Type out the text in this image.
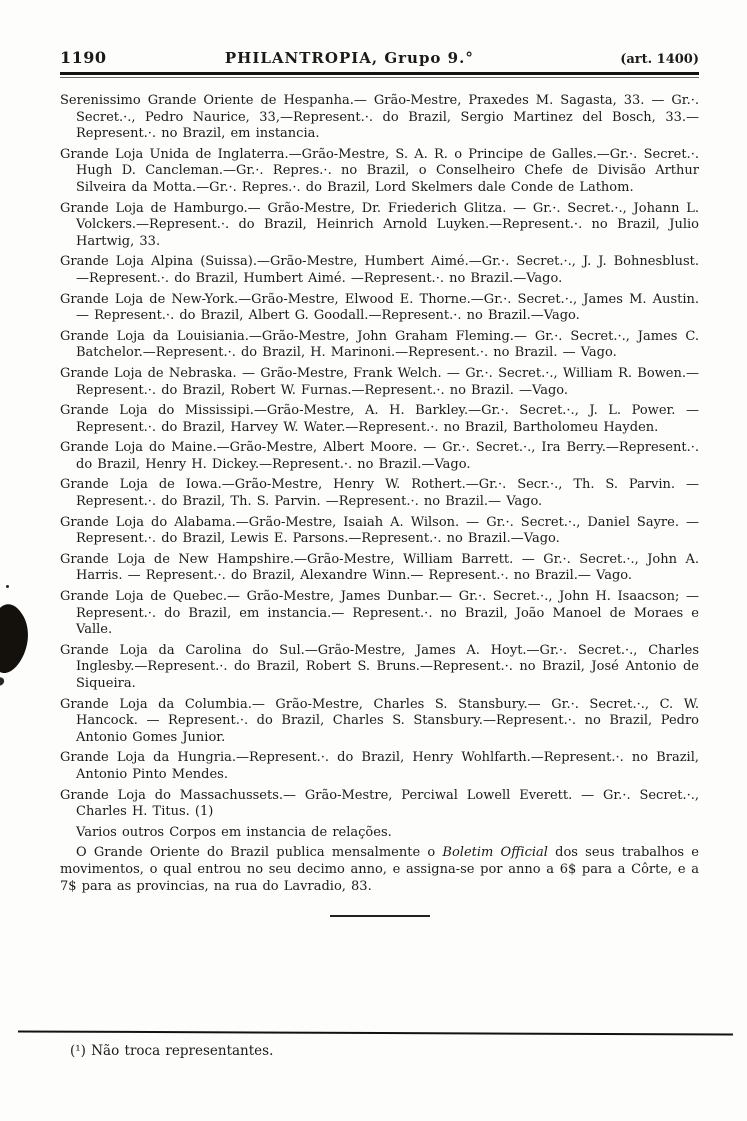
1190	PHILANTROPIA, Grupo 9.°	(art. 1400)

Serenissimo Grande Oriente de Hespanha.— Grão-Mestre, Praxedes M. Sagasta, 33. — Gr.·. Secret.·., Pedro Naurice, 33,—Represent.·. do Brazil, Sergio Martinez del Bosch, 33.— Represent.·. no Brazil, em instancia.

Grande Loja Unida de Inglaterra.—Grão-Mestre, S. A. R. o Principe de Galles.—Gr.·. Secret.·. Hugh D. Cancleman.—Gr.·. Repres.·. no Brazil, o Conselheiro Chefe de Divisão Arthur Silveira da Motta.—Gr.·. Repres.·. do Brazil, Lord Skelmers dale Conde de Lathom.

Grande Loja de Hamburgo.— Grão-Mestre, Dr. Friederich Glitza. — Gr.·. Secret.·., Johann L. Volckers.—Represent.·. do Brazil, Heinrich Arnold Luyken.—Represent.·. no Brazil, Julio Hartwig, 33.

Grande Loja Alpina (Suissa).—Grão-Mestre, Humbert Aimé.—Gr.·. Secret.·., J. J. Bohnesblust. —Represent.·. do Brazil, Humbert Aimé. —Represent.·. no Brazil.—Vago.

Grande Loja de New-York.—Grão-Mestre, Elwood E. Thorne.—Gr.·. Secret.·., James M. Austin.— Represent.·. do Brazil, Albert G. Goodall.—Represent.·. no Brazil.—Vago.

Grande Loja da Louisiania.—Grão-Mestre, John Graham Fleming.— Gr.·. Secret.·., James C. Batchelor.—Represent.·. do Brazil, H. Marinoni.—Represent.·. no Brazil. — Vago.

Grande Loja de Nebraska. — Grão-Mestre, Frank Welch. — Gr.·. Secret.·., William R. Bowen.—Represent.·. do Brazil, Robert W. Furnas.—Represent.·. no Brazil. —Vago.

Grande Loja do Mississipi.—Grão-Mestre, A. H. Barkley.—Gr.·. Secret.·., J. L. Power. —Represent.·. do Brazil, Harvey W. Water.—Represent.·. no Brazil, Bartholomeu Hayden.

Grande Loja do Maine.—Grão-Mestre, Albert Moore. — Gr.·. Secret.·., Ira Berry.—Represent.·. do Brazil, Henry H. Dickey.—Represent.·. no Brazil.—Vago.

Grande Loja de Iowa.—Grão-Mestre, Henry W. Rothert.—Gr.·. Secr.·., Th. S. Parvin. —Represent.·. do Brazil, Th. S. Parvin. —Represent.·. no Brazil.— Vago.

Grande Loja do Alabama.—Grão-Mestre, Isaiah A. Wilson. — Gr.·. Secret.·., Daniel Sayre. — Represent.·. do Brazil, Lewis E. Parsons.—Represent.·. no Brazil.—Vago.

Grande Loja de New Hampshire.—Grão-Mestre, William Barrett. — Gr.·. Secret.·., John A. Harris. — Represent.·. do Brazil, Alexandre Winn.— Represent.·. no Brazil.— Vago.

Grande Loja de Quebec.— Grão-Mestre, James Dunbar.— Gr.·. Secret.·., John H. Isaacson; — Represent.·. do Brazil, em instancia.— Represent.·. no Brazil, João Manoel de Moraes e Valle.

Grande Loja da Carolina do Sul.—Grão-Mestre, James A. Hoyt.—Gr.·. Secret.·., Charles Inglesby.—Represent.·. do Brazil, Robert S. Bruns.—Represent.·. no Brazil, José Antonio de Siqueira.

Grande Loja da Columbia.— Grão-Mestre, Charles S. Stansbury.— Gr.·. Secret.·., C. W. Hancock. — Represent.·. do Brazil, Charles S. Stansbury.—Represent.·. no Brazil, Pedro Antonio Gomes Junior.

Grande Loja da Hungria.—Represent.·. do Brazil, Henry Wohlfarth.—Represent.·. no Brazil, Antonio Pinto Mendes.

Grande Loja do Massachussets.— Grão-Mestre, Perciwal Lowell Everett. — Gr.·. Secret.·., Charles H. Titus. (1)

Varios outros Corpos em instancia de relações.

O Grande Oriente do Brazil publica mensalmente o Boletim Official dos seus trabalhos e movimentos, o qual entrou no seu decimo anno, e assigna-se por anno a 6$ para a Côrte, e a 7$ para as provincias, na rua do Lavradio, 83.

(¹) Não troca representantes.
